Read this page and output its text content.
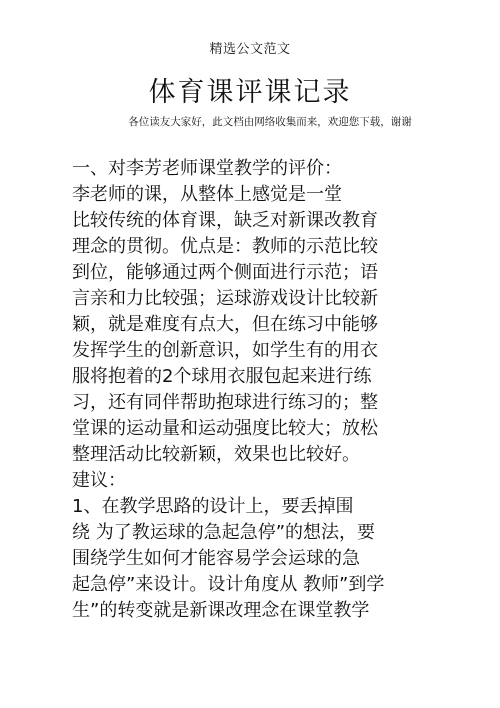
精选公文范文
体育课评课记录
各位读友大家好，此文档由网络收集而来，欢迎您下载，谢谢
一、对李芳老师课堂教学的评价：
李老师的课，从整体上感觉是一堂
比较传统的体育课，缺乏对新课改教育
理念的贯彻。优点是：教师的示范比较
到位，能够通过两个侧面进行示范；语
言亲和力比较强；运球游戏设计比较新
颖，就是难度有点大，但在练习中能够
发挥学生的创新意识，如学生有的用衣
服将抱着的2个球用衣服包起来进行练
习，还有同伴帮助抱球进行练习的；整
堂课的运动量和运动强度比较大；放松
整理活动比较新颖，效果也比较好。
建议：
1、在教学思路的设计上，要丢掉围
绕 为了教运球的急起急停”的想法，要
围绕学生如何才能容易学会运球的急
起急停”来设计。设计角度从 教师”到学
生”的转变就是新课改理念在课堂教学
